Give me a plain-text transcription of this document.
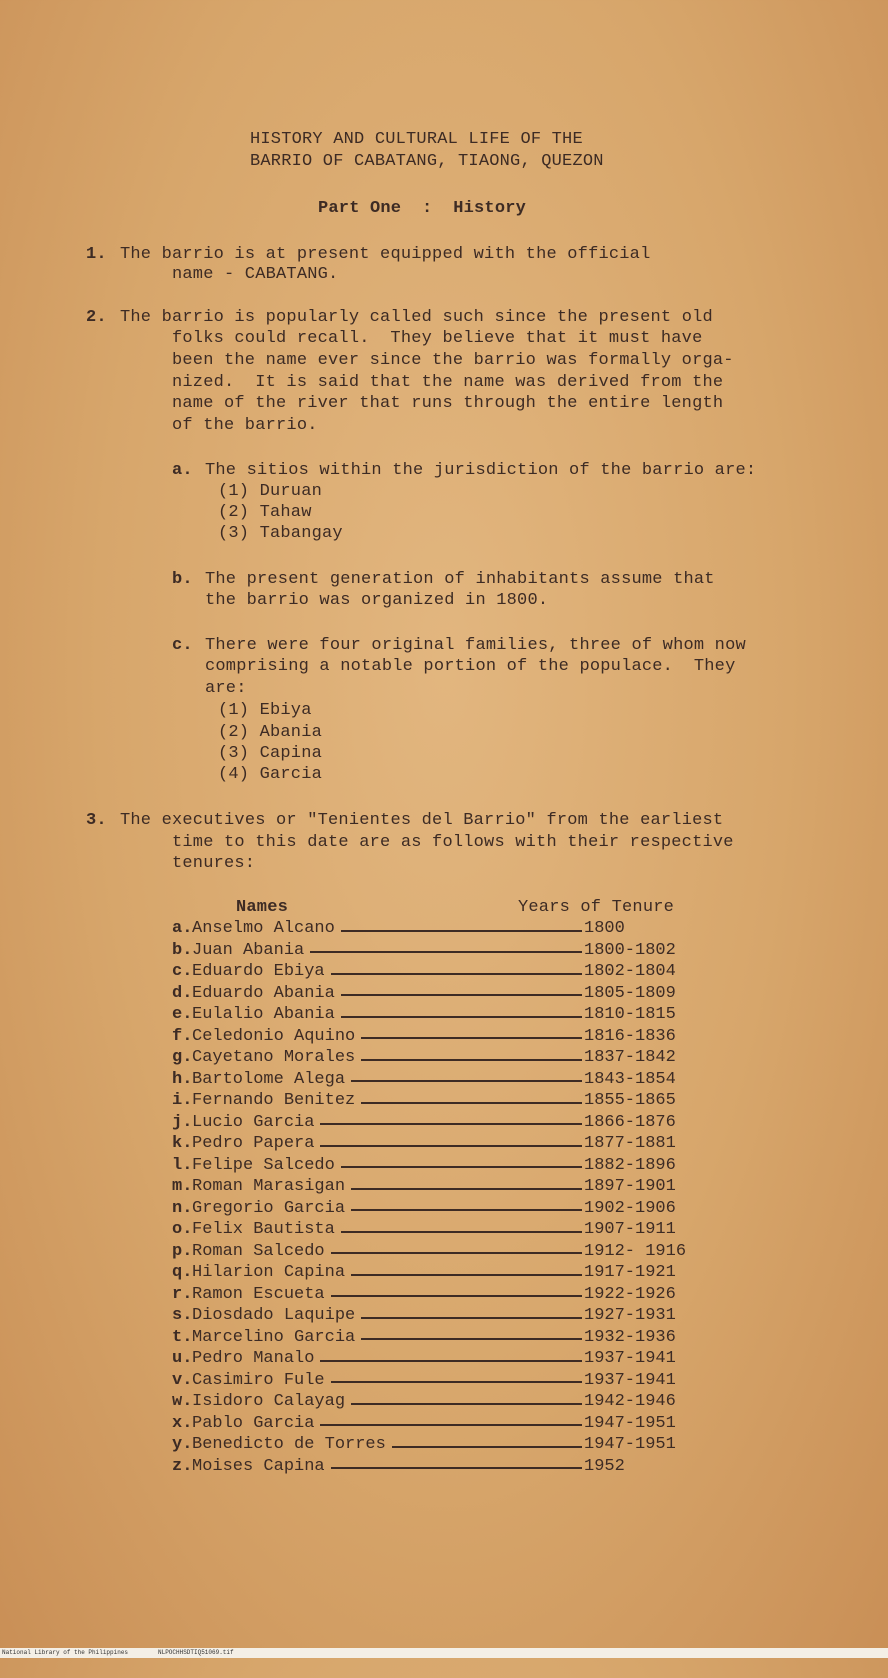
HISTORY AND CULTURAL LIFE OF THE
BARRIO OF CABATANG, TIAONG, QUEZON
Part One  :  History
1. The barrio is at present equipped with the official
name - CABATANG.
2. The barrio is popularly called such since the present old
folks could recall.  They believe that it must have
been the name ever since the barrio was formally orga-
nized.  It is said that the name was derived from the
name of the river that runs through the entire length
of the barrio.
a. The sitios within the jurisdiction of the barrio are:
(1) Duruan
(2) Tahaw
(3) Tabangay
b. The present generation of inhabitants assume that
the barrio was organized in 1800.
c. There were four original families, three of whom now
comprising a notable portion of the populace.  They
are:
(1) Ebiya
(2) Abania
(3) Capina
(4) Garcia
3. The executives or "Tenientes del Barrio" from the earliest
time to this date are as follows with their respective
tenures:
Names	Years of Tenure
a. Anselmo Alcano	1800
b. Juan Abania	1800-1802
c. Eduardo Ebiya	1802-1804
d. Eduardo Abania	1805-1809
e. Eulalio Abania	1810-1815
f. Celedonio Aquino	1816-1836
g. Cayetano Morales	1837-1842
h. Bartolome Alega	1843-1854
i. Fernando Benitez	1855-1865
j. Lucio Garcia	1866-1876
k. Pedro Papera	1877-1881
l. Felipe Salcedo	1882-1896
m. Roman Marasigan	1897-1901
n. Gregorio Garcia	1902-1906
o. Felix Bautista	1907-1911
p. Roman Salcedo	1912- 1916
q. Hilarion Capina	1917-1921
r. Ramon Escueta	1922-1926
s. Diosdado Laquipe	1927-1931
t. Marcelino Garcia	1932-1936
u. Pedro Manalo	1937-1941
v. Casimiro Fule	1937-1941
w. Isidoro Calayag	1942-1946
x. Pablo Garcia	1947-1951
y. Benedicto de Torres	1947-1951
z. Moises Capina	1952

National Library of the Philippines

	NLPOCHHSDTIQ51069.tif
